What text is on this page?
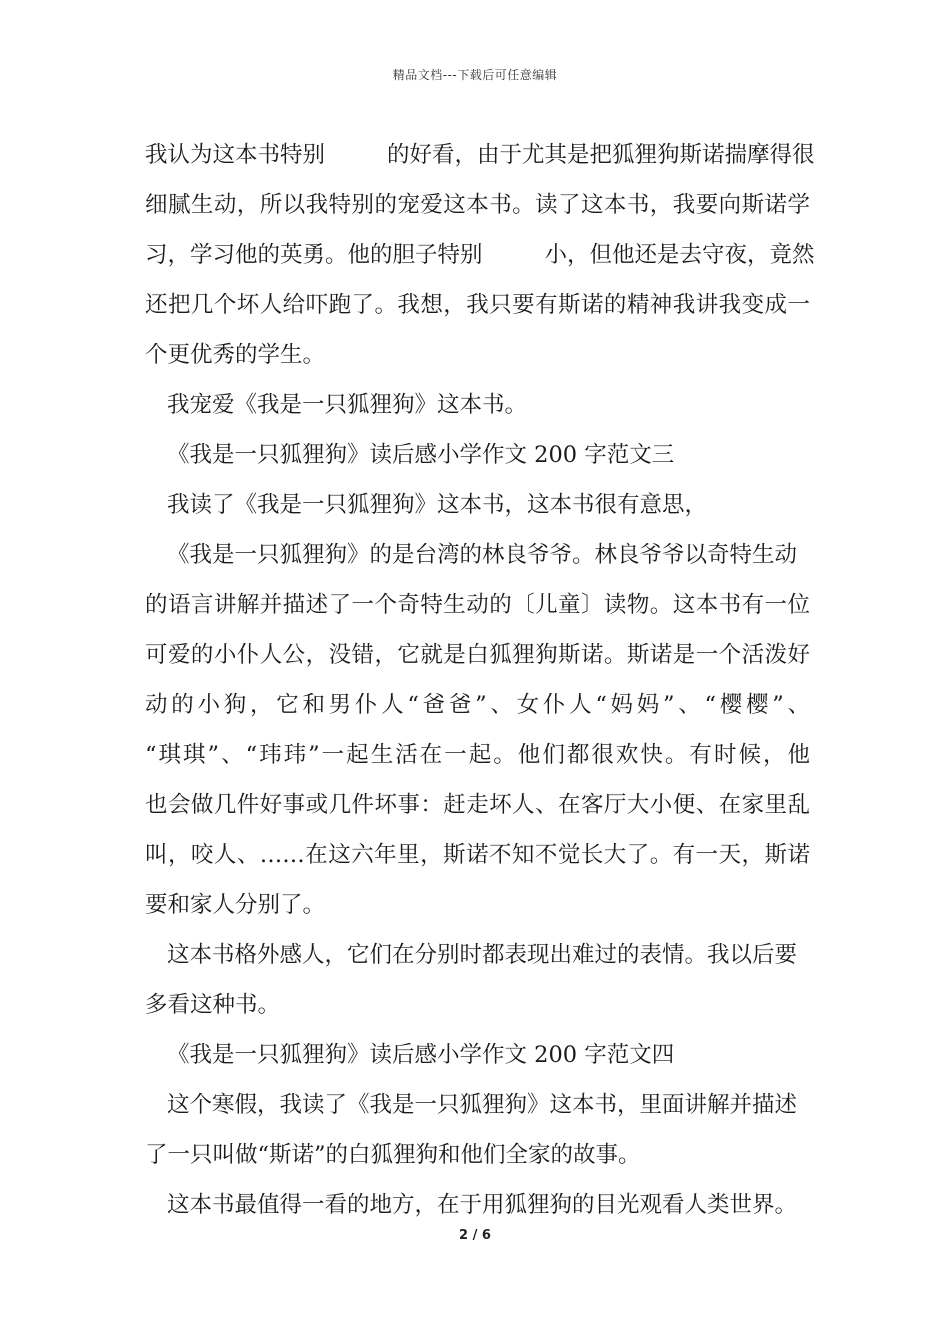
精品文档---下载后可任意编辑
我认为这本书特别	的好看，由于尤其是把狐狸狗斯诺揣摩得很
细腻生动，所以我特别的宠爱这本书。读了这本书，我要向斯诺学
习，学习他的英勇。他的胆子特别	小，但他还是去守夜，竟然
还把几个坏人给吓跑了。我想，我只要有斯诺的精神我讲我变成一
个更优秀的学生。
我宠爱《我是一只狐狸狗》这本书。
《我是一只狐狸狗》读后感小学作文 200 字范文三
我读了《我是一只狐狸狗》这本书，这本书很有意思，
《我是一只狐狸狗》的是台湾的林良爷爷。林良爷爷以奇特生动
的语言讲解并描述了一个奇特生动的〔儿童〕读物。这本书有一位
可爱的小仆人公，没错，它就是白狐狸狗斯诺。斯诺是一个活泼好
动的小狗，它和男仆人“爸爸”、女仆人“妈妈”、“樱樱”、
“琪琪”、“玮玮”一起生活在一起。他们都很欢快。有时候，他
也会做几件好事或几件坏事：赶走坏人、在客厅大小便、在家里乱
叫，咬人、……在这六年里，斯诺不知不觉长大了。有一天，斯诺
要和家人分别了。
这本书格外感人，它们在分别时都表现出难过的表情。我以后要
多看这种书。
《我是一只狐狸狗》读后感小学作文 200 字范文四
这个寒假，我读了《我是一只狐狸狗》这本书，里面讲解并描述
了一只叫做“斯诺”的白狐狸狗和他们全家的故事。
这本书最值得一看的地方，在于用狐狸狗的目光观看人类世界。
2 / 6
